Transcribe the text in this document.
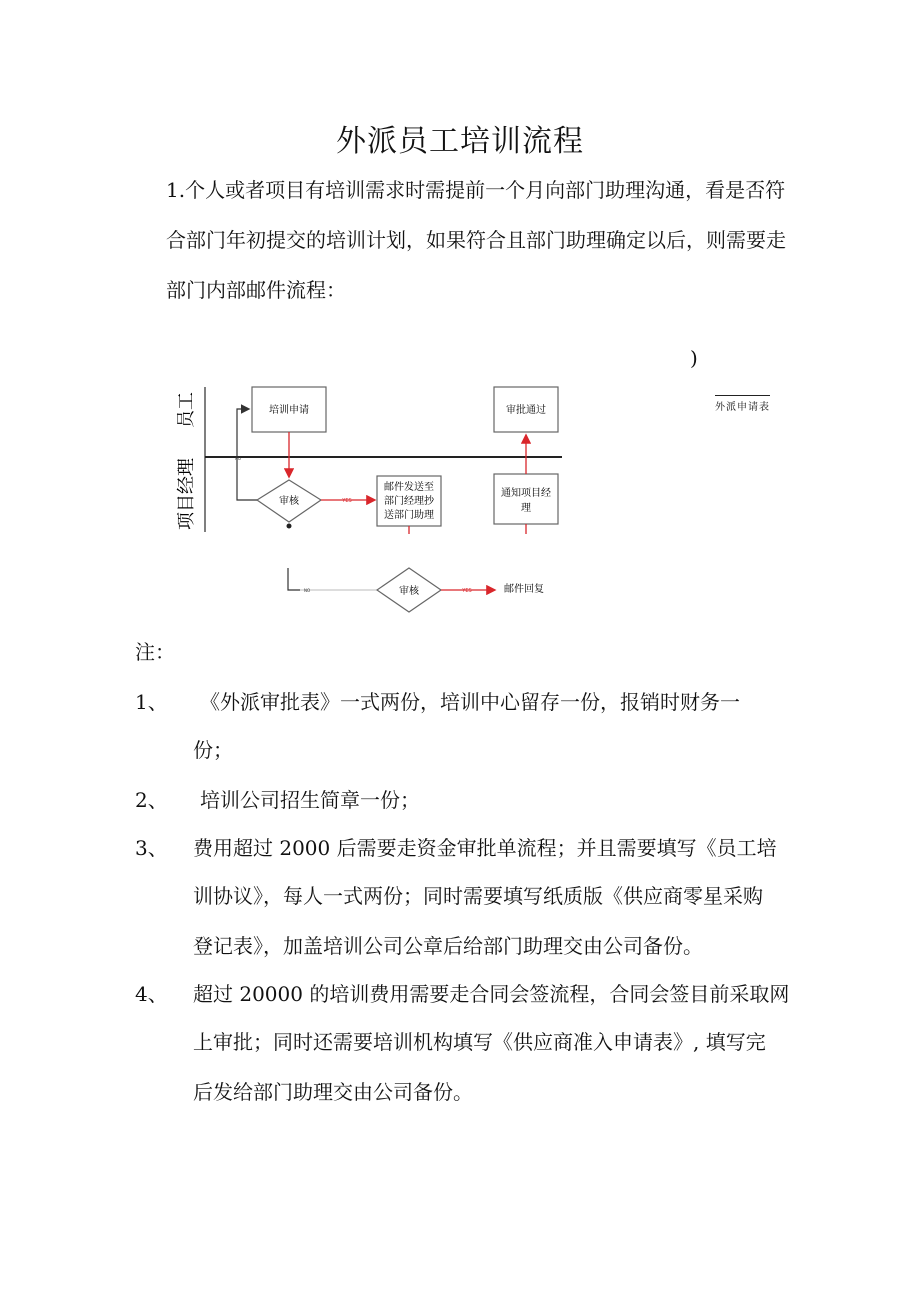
外派员工培训流程
1.个人或者项目有培训需求时需提前一个月向部门助理沟通，看是否符
合部门年初提交的培训计划，如果符合且部门助理确定以后，则需要走
部门内部邮件流程：
)
外派申请表
员工
项目经理
培训申请	审批通过
审核
NO
YES
邮件发送至
部门经理抄
送部门助理
通知项目经
理
NO	审核	YES	邮件回复
注：
1、 《外派审批表》一式两份，培训中心留存一份，报销时财务一
份；
2、 培训公司招生简章一份；
3、 费用超过 2000 后需要走资金审批单流程；并且需要填写《员工培
训协议》，每人一式两份；同时需要填写纸质版《供应商零星采购
登记表》，加盖培训公司公章后给部门助理交由公司备份。
4、 超过 20000 的培训费用需要走合同会签流程，合同会签目前采取网
上审批；同时还需要培训机构填写《供应商准入申请表》, 填写完
后发给部门助理交由公司备份。
